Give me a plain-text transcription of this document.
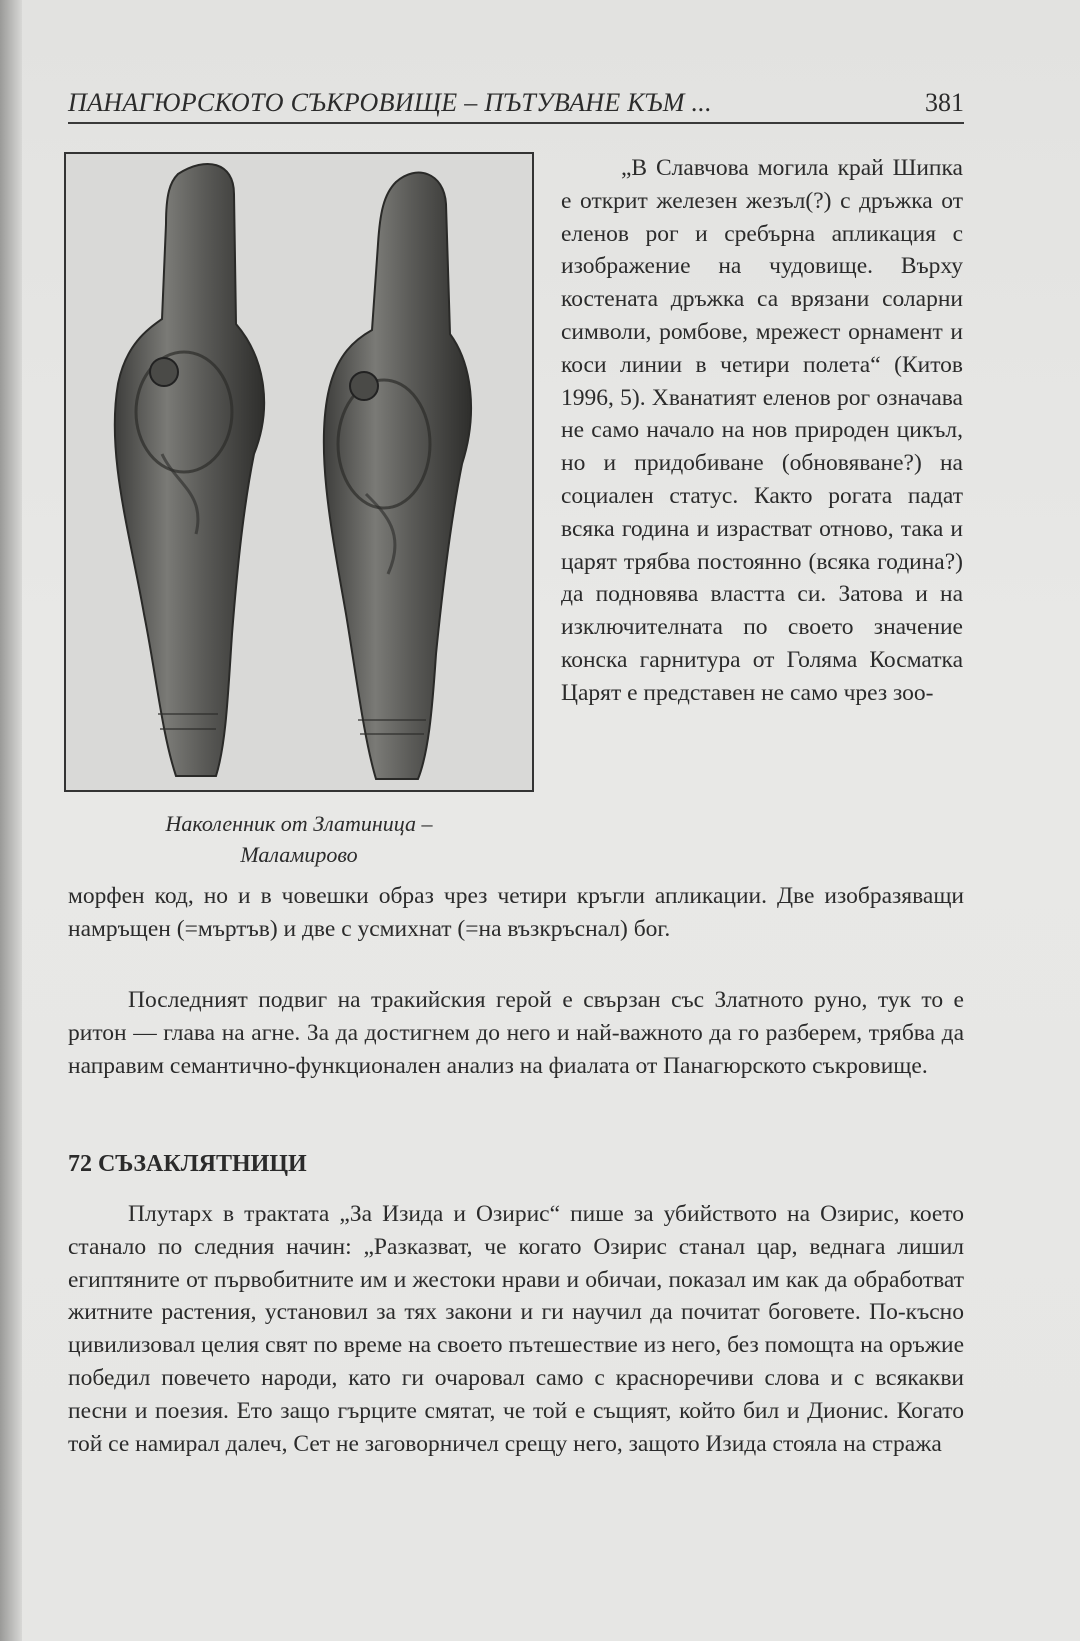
ПАНАГЮРСКОТО СЪКРОВИЩЕ – ПЪТУВАНЕ КЪМ ...	381
Наколенник от Златиница –
Маламирово

„В Славчова могила край Шипка е открит железен жезъл(?) с дръжка от еленов рог и сребърна апликация с изображение на чудовище. Върху костената дръжка са врязани соларни символи, ромбове, мрежест орнамент и коси линии в четири полета“ (Китов 1996, 5). Хванатият еленов рог означава не само начало на нов природен цикъл, но и придобиване (обновяване?) на социален статус. Както рогата падат всяка година и израстват отново, така и царят трябва постоянно (всяка година?) да подновява властта си. Затова и на изключителната по своето значение конска гарнитура от Голяма Косматка Царят е представен не само чрез зоо-

морфен код, но и в човешки образ чрез четири кръгли апликации. Две изобразяващи намръщен (=мъртъв) и две с усмихнат (=на възкръснал) бог.

Последният подвиг на тракийския герой е свързан със Златното руно, тук то е ритон — глава на агне. За да достигнем до него и най-важното да го разберем, трябва да направим семантично-функционален анализ на фиалата от Панагюрското съкровище.

72 СЪЗАКЛЯТНИЦИ

Плутарх в трактата „За Изида и Озирис“ пише за убийството на Озирис, което станало по следния начин: „Разказват, че когато Озирис станал цар, веднага лишил египтяните от първобитните им и жестоки нрави и обичаи, показал им как да обработват житните растения, установил за тях закони и ги научил да почитат боговете. По-късно цивилизовал целия свят по време на своето пътешествие из него, без помощта на оръжие победил повечето народи, като ги очаровал само с красноречиви слова и с всякакви песни и поезия. Ето защо гърците смятат, че той е същият, който бил и Дионис. Когато той се намирал далеч, Сет не заговорничел срещу него, защото Изида стояла на стража
